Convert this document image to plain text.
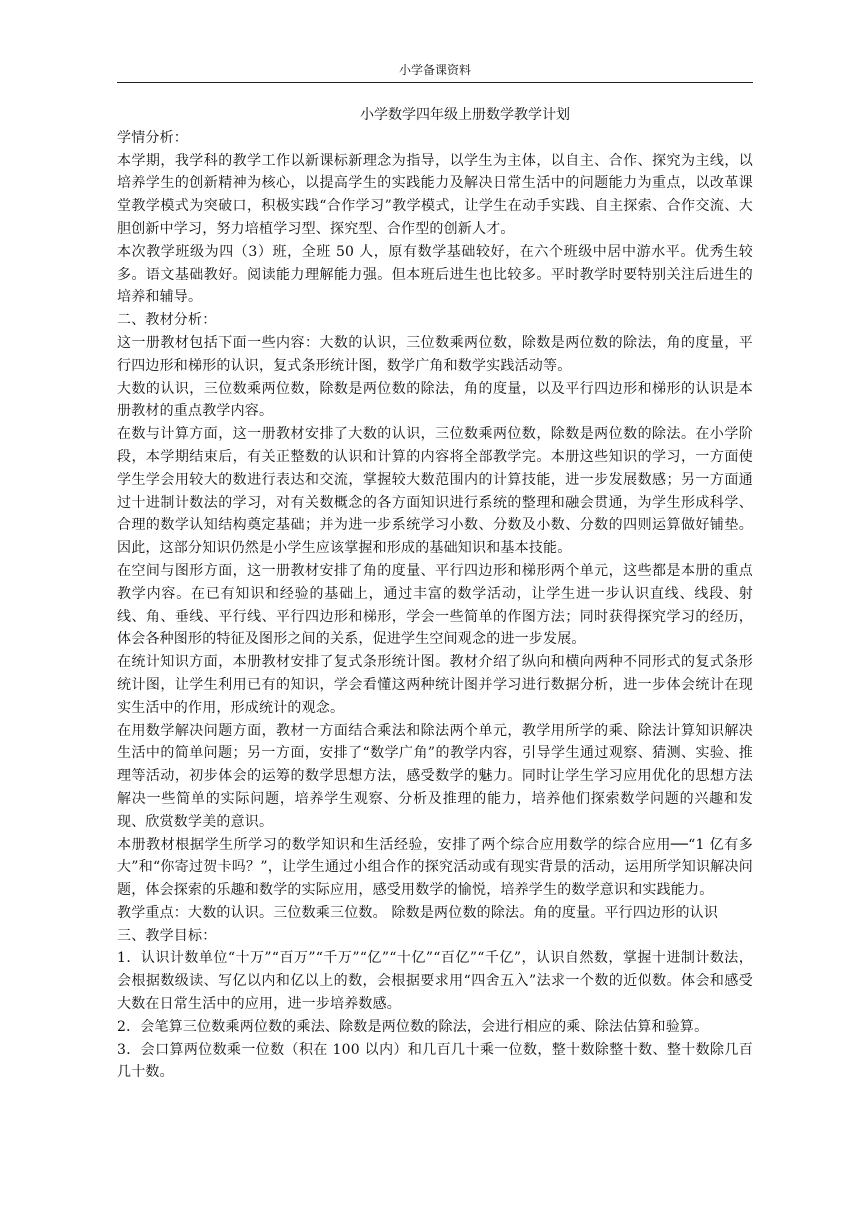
小学备课资料

小学数学四年级上册数学教学计划

学情分析：

本学期，我学科的教学工作以新课标新理念为指导，以学生为主体，以自主、合作、探究为主线，以培养学生的创新精神为核心，以提高学生的实践能力及解决日常生活中的问题能力为重点，以改革课堂教学模式为突破口，积极实践“合作学习”教学模式，让学生在动手实践、自主探索、合作交流、大胆创新中学习，努力培植学习型、探究型、合作型的创新人才。

本次教学班级为四（3）班，全班 50 人，原有数学基础较好，在六个班级中居中游水平。优秀生较多。语文基础教好。阅读能力理解能力强。但本班后进生也比较多。平时教学时要特别关注后进生的培养和辅导。

二、教材分析：

这一册教材包括下面一些内容：大数的认识，三位数乘两位数，除数是两位数的除法，角的度量，平行四边形和梯形的认识，复式条形统计图，数学广角和数学实践活动等。

大数的认识，三位数乘两位数，除数是两位数的除法，角的度量，以及平行四边形和梯形的认识是本册教材的重点教学内容。

在数与计算方面，这一册教材安排了大数的认识，三位数乘两位数，除数是两位数的除法。在小学阶段，本学期结束后，有关正整数的认识和计算的内容将全部教学完。本册这些知识的学习，一方面使学生学会用较大的数进行表达和交流，掌握较大数范围内的计算技能，进一步发展数感；另一方面通过十进制计数法的学习，对有关数概念的各方面知识进行系统的整理和融会贯通，为学生形成科学、合理的数学认知结构奠定基础；并为进一步系统学习小数、分数及小数、分数的四则运算做好铺垫。因此，这部分知识仍然是小学生应该掌握和形成的基础知识和基本技能。

在空间与图形方面，这一册教材安排了角的度量、平行四边形和梯形两个单元，这些都是本册的重点教学内容。在已有知识和经验的基础上，通过丰富的数学活动，让学生进一步认识直线、线段、射线、角、垂线、平行线、平行四边形和梯形，学会一些简单的作图方法；同时获得探究学习的经历，体会各种图形的特征及图形之间的关系，促进学生空间观念的进一步发展。

在统计知识方面，本册教材安排了复式条形统计图。教材介绍了纵向和横向两种不同形式的复式条形统计图，让学生利用已有的知识，学会看懂这两种统计图并学习进行数据分析，进一步体会统计在现实生活中的作用，形成统计的观念。

在用数学解决问题方面，教材一方面结合乘法和除法两个单元，教学用所学的乘、除法计算知识解决生活中的简单问题；另一方面，安排了“数学广角”的教学内容，引导学生通过观察、猜测、实验、推理等活动，初步体会的运筹的数学思想方法，感受数学的魅力。同时让学生学习应用优化的思想方法解决一些简单的实际问题，培养学生观察、分析及推理的能力，培养他们探索数学问题的兴趣和发现、欣赏数学美的意识。

本册教材根据学生所学习的数学知识和生活经验，安排了两个综合应用数学的综合应用──“1 亿有多大”和“你寄过贺卡吗？”，让学生通过小组合作的探究活动或有现实背景的活动，运用所学知识解决问题，体会探索的乐趣和数学的实际应用，感受用数学的愉悦，培养学生的数学意识和实践能力。

教学重点：大数的认识。三位数乘三位数。 除数是两位数的除法。角的度量。平行四边形的认识

三、教学目标：

1．认识计数单位“十万”“百万”“千万”“亿”“十亿”“百亿”“千亿”，认识自然数，掌握十进制计数法，会根据数级读、写亿以内和亿以上的数，会根据要求用“四舍五入”法求一个数的近似数。体会和感受大数在日常生活中的应用，进一步培养数感。

2．会笔算三位数乘两位数的乘法、除数是两位数的除法，会进行相应的乘、除法估算和验算。

3．会口算两位数乘一位数（积在 100 以内）和几百几十乘一位数，整十数除整十数、整十数除几百几十数。
